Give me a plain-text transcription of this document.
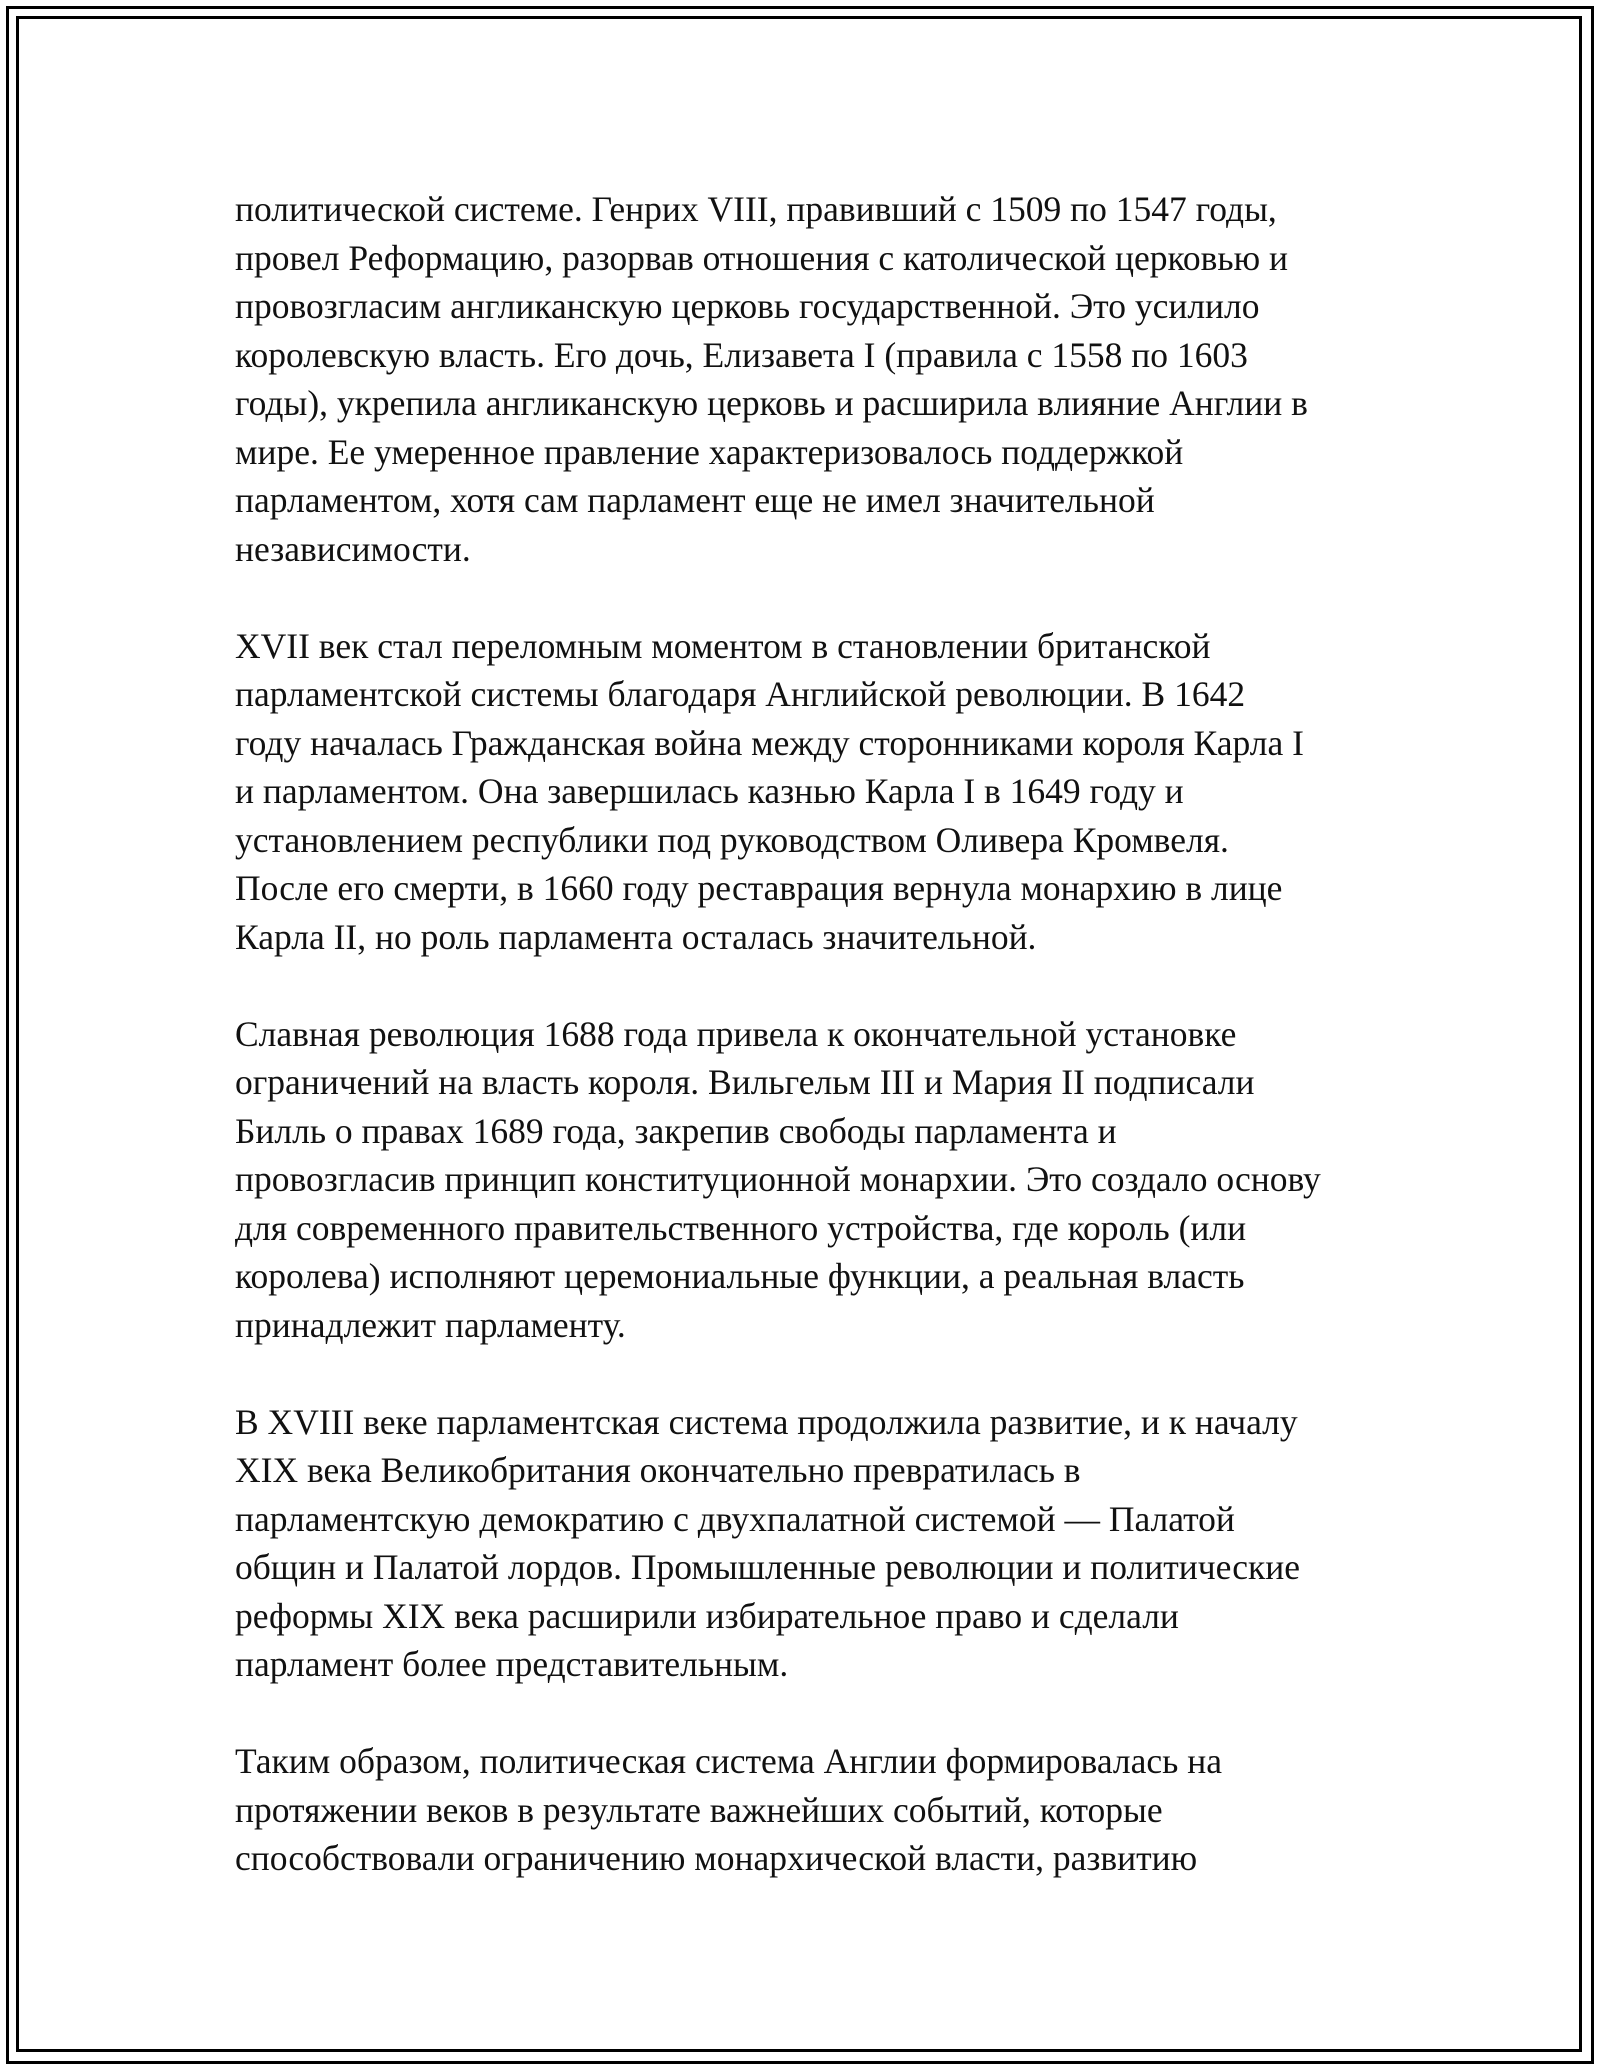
политической системе. Генрих VIII, правивший с 1509 по 1547 годы,
провел Реформацию, разорвав отношения с католической церковью и
провозгласим англиканскую церковь государственной. Это усилило
королевскую власть. Его дочь, Елизавета I (правила с 1558 по 1603
годы), укрепила англиканскую церковь и расширила влияние Англии в
мире. Ее умеренное правление характеризовалось поддержкой
парламентом, хотя сам парламент еще не имел значительной
независимости.
XVII век стал переломным моментом в становлении британской
парламентской системы благодаря Английской революции. В 1642
году началась Гражданская война между сторонниками короля Карла I
и парламентом. Она завершилась казнью Карла I в 1649 году и
установлением республики под руководством Оливера Кромвеля.
После его смерти, в 1660 году реставрация вернула монархию в лице
Карла II, но роль парламента осталась значительной.
Славная революция 1688 года привела к окончательной установке
ограничений на власть короля. Вильгельм III и Мария II подписали
Билль о правах 1689 года, закрепив свободы парламента и
провозгласив принцип конституционной монархии. Это создало основу
для современного правительственного устройства, где король (или
королева) исполняют церемониальные функции, а реальная власть
принадлежит парламенту.
В XVIII веке парламентская система продолжила развитие, и к началу
XIX века Великобритания окончательно превратилась в
парламентскую демократию с двухпалатной системой — Палатой
общин и Палатой лордов. Промышленные революции и политические
реформы XIX века расширили избирательное право и сделали
парламент более представительным.
Таким образом, политическая система Англии формировалась на
протяжении веков в результате важнейших событий, которые
способствовали ограничению монархической власти, развитию
